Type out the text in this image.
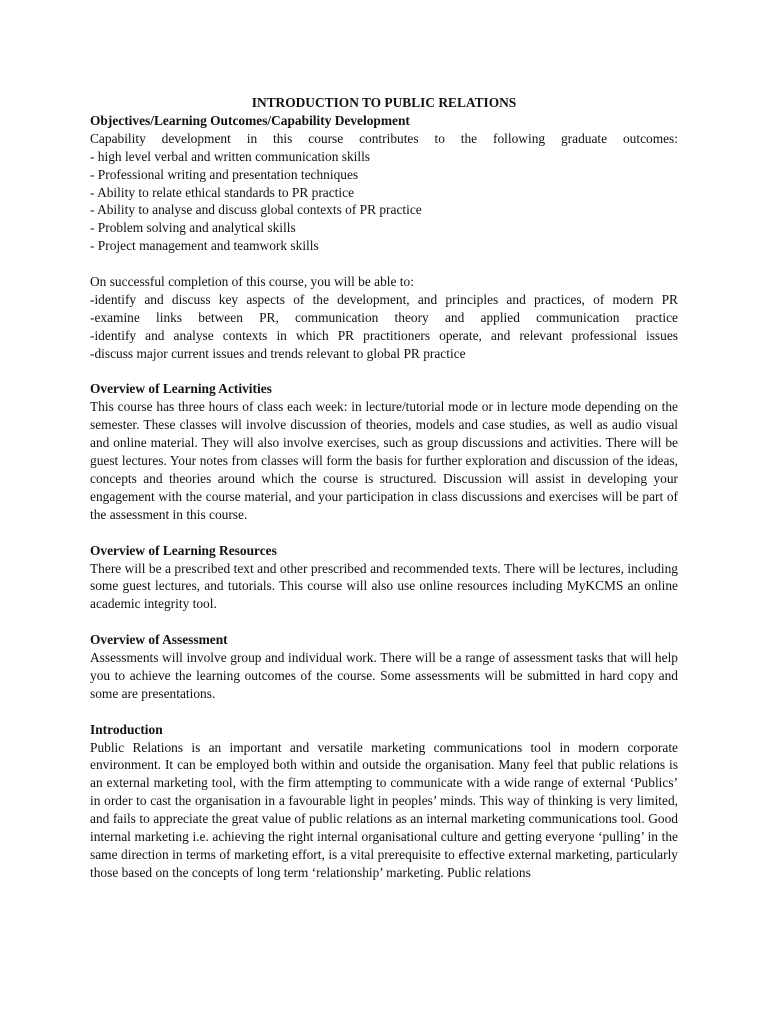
INTRODUCTION TO PUBLIC RELATIONS

Objectives/Learning Outcomes/Capability Development

Capability development in this course contributes to the following graduate outcomes:

- high level verbal and written communication skills
- Professional writing and presentation techniques
- Ability to relate ethical standards to PR practice
- Ability to analyse and discuss global contexts of PR practice
- Problem solving and analytical skills
- Project management and teamwork skills

On successful completion of this course, you will be able to:

-identify and discuss key aspects of the development, and principles and practices, of modern PR
-examine links between PR, communication theory and applied communication practice
-identify and analyse contexts in which PR practitioners operate, and relevant professional issues
-discuss major current issues and trends relevant to global PR practice

Overview of Learning Activities

This course has three hours of class each week: in lecture/tutorial mode or in lecture mode depending on the semester. These classes will involve discussion of theories, models and case studies, as well as audio visual and online material. They will also involve exercises, such as group discussions and activities. There will be guest lectures. Your notes from classes will form the basis for further exploration and discussion of the ideas, concepts and theories around which the course is structured. Discussion will assist in developing your engagement with the course material, and your participation in class discussions and exercises will be part of the assessment in this course.

Overview of Learning Resources

There will be a prescribed text and other prescribed and recommended texts. There will be lectures, including some guest lectures, and tutorials. This course will also use online resources including MyKCMS an online academic integrity tool.

Overview of Assessment

Assessments will involve group and individual work. There will be a range of assessment tasks that will help you to achieve the learning outcomes of the course. Some assessments will be submitted in hard copy and some are presentations.

Introduction

Public Relations is an important and versatile marketing communications tool in modern corporate environment. It can be employed both within and outside the organisation. Many feel that public relations is an external marketing tool, with the firm attempting to communicate with a wide range of external ‘Publics’ in order to cast the organisation in a favourable light in peoples’ minds. This way of thinking is very limited, and fails to appreciate the great value of public relations as an internal marketing communications tool. Good internal marketing i.e. achieving the right internal organisational culture and getting everyone ‘pulling’ in the same direction in terms of marketing effort, is a vital prerequisite to effective external marketing, particularly those based on the concepts of long term ‘relationship’ marketing. Public relations
